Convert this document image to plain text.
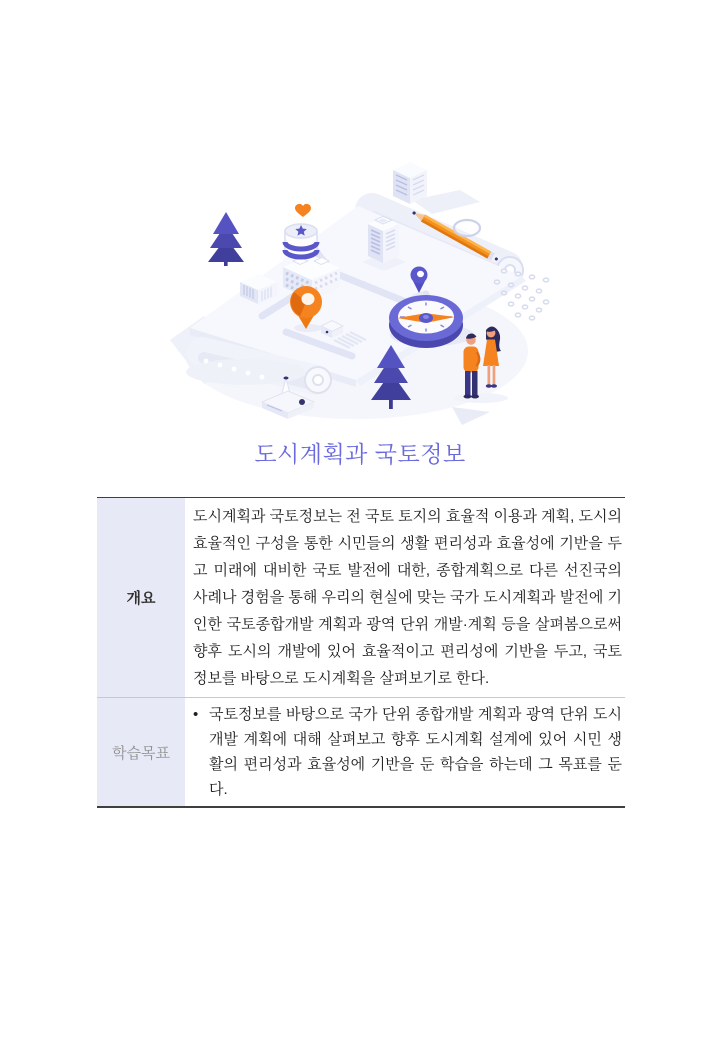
도시계획과 국토정보
개요
도시계획과 국토정보는 전 국토 토지의 효율적 이용과 계획, 도시의 효율적인 구성을 통한 시민들의 생활 편리성과 효율성에 기반을 두고 미래에 대비한 국토 발전에 대한, 종합계획으로 다른 선진국의 사례나 경험을 통해 우리의 현실에 맞는 국가 도시계획과 발전에 기인한 국토종합개발 계획과 광역 단위 개발·계획 등을 살펴봄으로써 향후 도시의 개발에 있어 효율적이고 편리성에 기반을 두고, 국토 정보를 바탕으로 도시계획을 살펴보기로 한다.
학습목표
• 국토정보를 바탕으로 국가 단위 종합개발 계획과 광역 단위 도시 개발 계획에 대해 살펴보고 향후 도시계획 설계에 있어 시민 생활의 편리성과 효율성에 기반을 둔 학습을 하는데 그 목표를 둔다.
